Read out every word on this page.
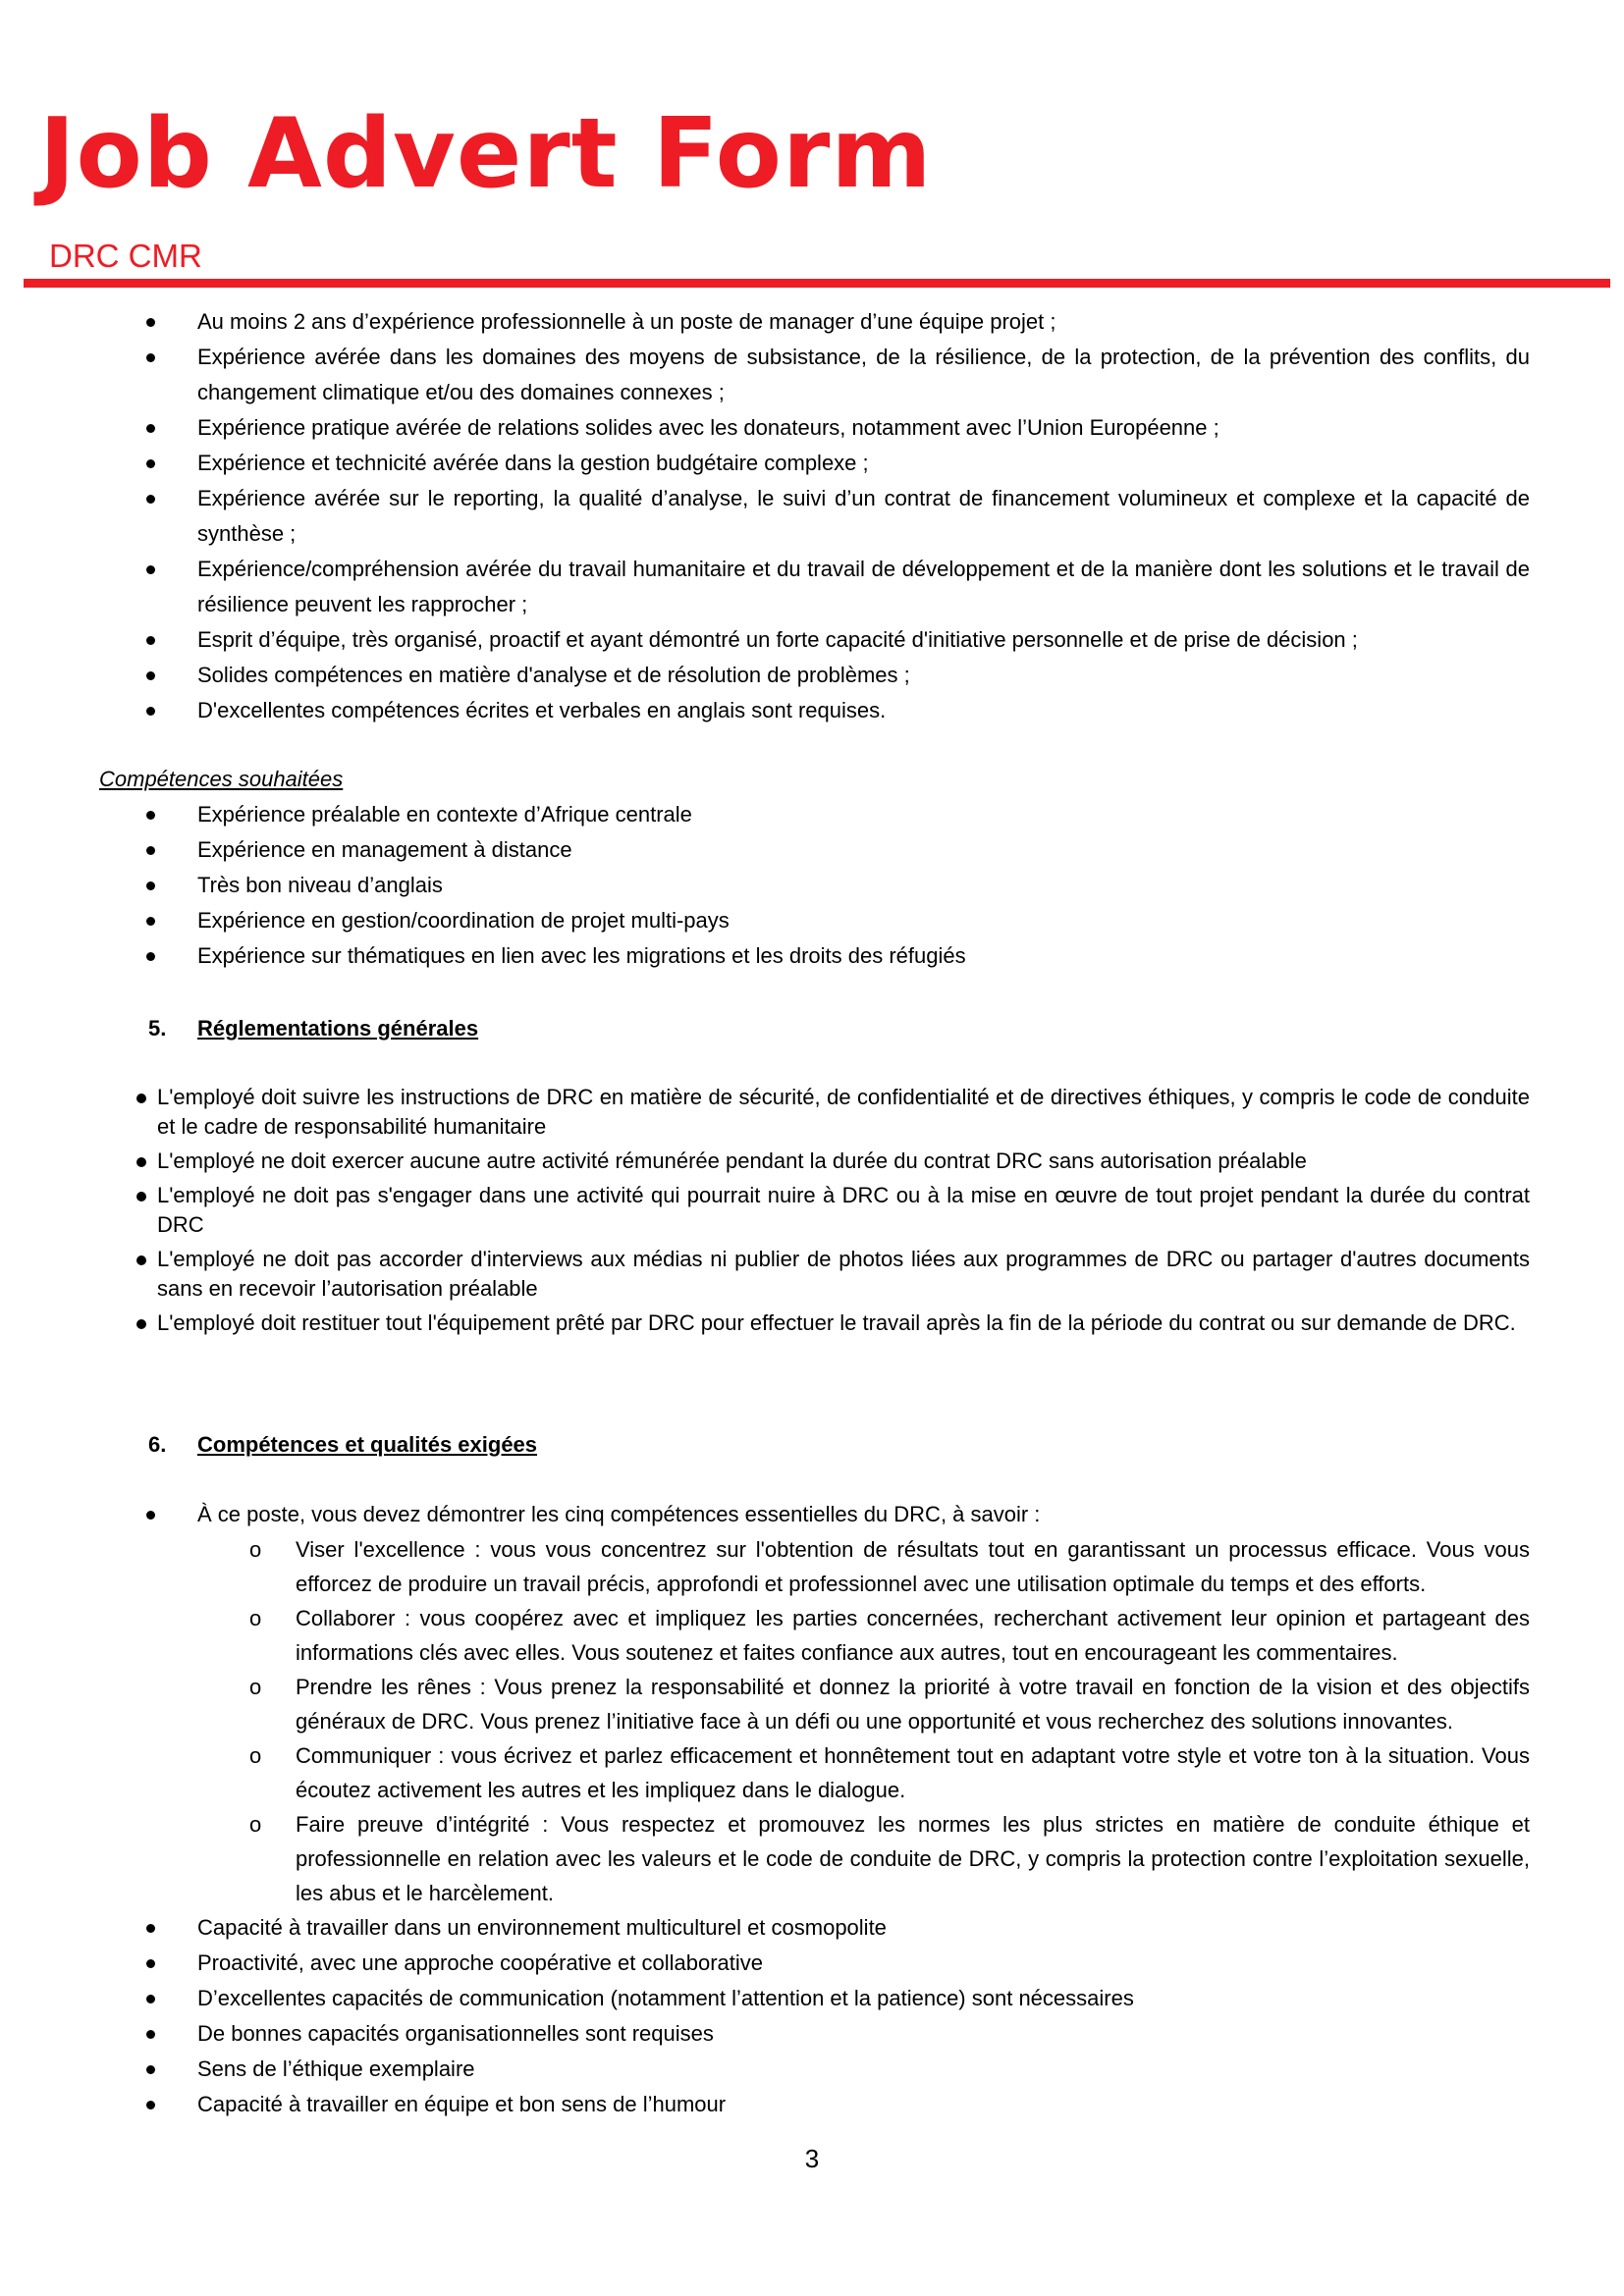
Job Advert Form
DRC CMR
Au moins 2 ans d’expérience professionnelle à un poste de manager d’une équipe projet ;
Expérience avérée dans les domaines des moyens de subsistance, de la résilience, de la protection, de la prévention des conflits, du changement climatique et/ou des domaines connexes ;
Expérience pratique avérée de relations solides avec les donateurs, notamment avec l’Union Européenne ;
Expérience et technicité avérée dans la gestion budgétaire complexe ;
Expérience avérée sur le reporting, la qualité d’analyse, le suivi d’un contrat de financement volumineux et complexe et la capacité de synthèse ;
Expérience/compréhension avérée du travail humanitaire et du travail de développement et de la manière dont les solutions et le travail de résilience peuvent les rapprocher ;
Esprit d’équipe, très organisé, proactif et ayant démontré un forte capacité d'initiative personnelle et de prise de décision ;
Solides compétences en matière d'analyse et de résolution de problèmes ;
D'excellentes compétences écrites et verbales en anglais sont requises.
Compétences souhaitées
Expérience préalable en contexte d’Afrique centrale
Expérience en management à distance
Très bon niveau d’anglais
Expérience en gestion/coordination de projet multi-pays
Expérience sur thématiques en lien avec les migrations et les droits des réfugiés
5. Réglementations générales
L'employé doit suivre les instructions de DRC en matière de sécurité, de confidentialité et de directives éthiques, y compris le code de conduite et le cadre de responsabilité humanitaire
L'employé ne doit exercer aucune autre activité rémunérée pendant la durée du contrat DRC sans autorisation préalable
L'employé ne doit pas s'engager dans une activité qui pourrait nuire à DRC ou à la mise en œuvre de tout projet pendant la durée du contrat DRC
L'employé ne doit pas accorder d'interviews aux médias ni publier de photos liées aux programmes de DRC ou partager d'autres documents sans en recevoir l’autorisation préalable
L'employé doit restituer tout l'équipement prêté par DRC pour effectuer le travail après la fin de la période du contrat ou sur demande de DRC.
6. Compétences et qualités exigées
À ce poste, vous devez démontrer les cinq compétences essentielles du DRC, à savoir :
o Viser l'excellence : vous vous concentrez sur l'obtention de résultats tout en garantissant un processus efficace. Vous vous efforcez de produire un travail précis, approfondi et professionnel avec une utilisation optimale du temps et des efforts.
o Collaborer : vous coopérez avec et impliquez les parties concernées, recherchant activement leur opinion et partageant des informations clés avec elles. Vous soutenez et faites confiance aux autres, tout en encourageant les commentaires.
o Prendre les rênes : Vous prenez la responsabilité et donnez la priorité à votre travail en fonction de la vision et des objectifs généraux de DRC. Vous prenez l’initiative face à un défi ou une opportunité et vous recherchez des solutions innovantes.
o Communiquer : vous écrivez et parlez efficacement et honnêtement tout en adaptant votre style et votre ton à la situation. Vous écoutez activement les autres et les impliquez dans le dialogue.
o Faire preuve d’intégrité : Vous respectez et promouvez les normes les plus strictes en matière de conduite éthique et professionnelle en relation avec les valeurs et le code de conduite de DRC, y compris la protection contre l’exploitation sexuelle, les abus et le harcèlement.
Capacité à travailler dans un environnement multiculturel et cosmopolite
Proactivité, avec une approche coopérative et collaborative
D’excellentes capacités de communication (notamment l’attention et la patience) sont nécessaires
De bonnes capacités organisationnelles sont requises
Sens de l’éthique exemplaire
Capacité à travailler en équipe et bon sens de l’humour
3
